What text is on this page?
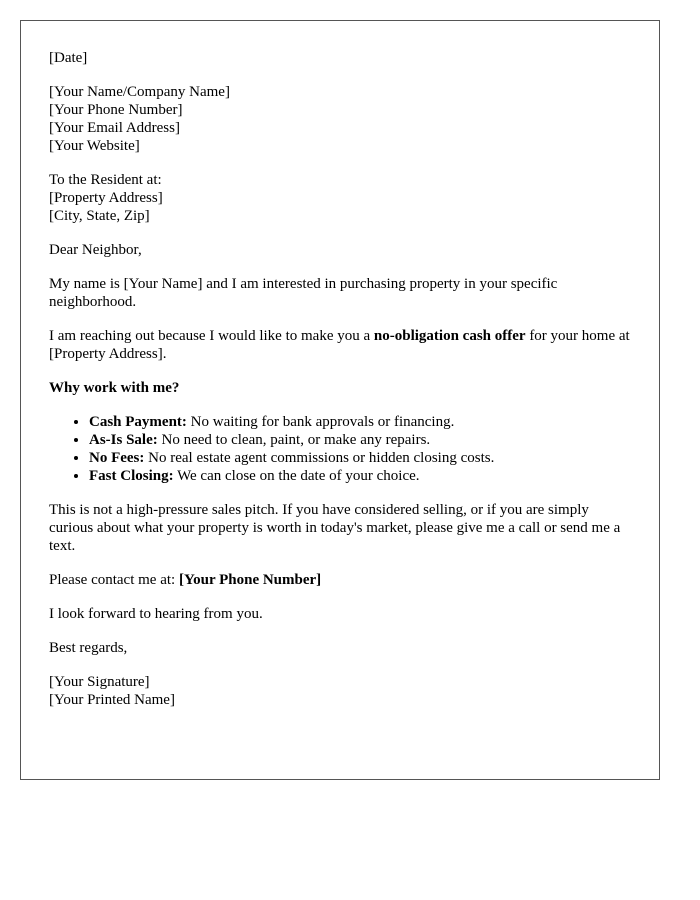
[Date]

[Your Name/Company Name]
[Your Phone Number]
[Your Email Address]
[Your Website]
To the Resident at:
[Property Address]
[City, State, Zip]

Dear Neighbor,

My name is [Your Name] and I am interested in purchasing property in your specific neighborhood.

I am reaching out because I would like to make you a no-obligation cash offer for your home at [Property Address].

Why work with me?

• Cash Payment: No waiting for bank approvals or financing.
• As-Is Sale: No need to clean, paint, or make any repairs.
• No Fees: No real estate agent commissions or hidden closing costs.
• Fast Closing: We can close on the date of your choice.

This is not a high-pressure sales pitch. If you have considered selling, or if you are simply curious about what your property is worth in today's market, please give me a call or send me a text.

Please contact me at: [Your Phone Number]

I look forward to hearing from you.

Best regards,

[Your Signature]
[Your Printed Name]
